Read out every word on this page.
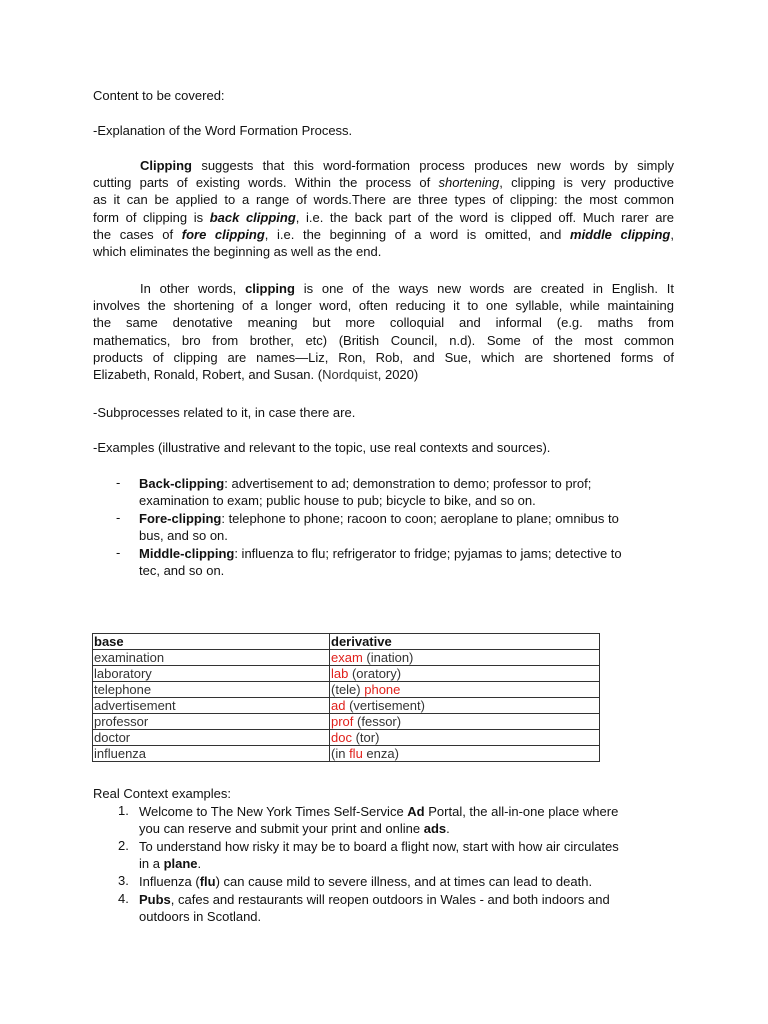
Content to be covered:
-Explanation of the Word Formation Process.
Clipping suggests that this word-formation process produces new words by simply
cutting parts of existing words. Within the process of shortening, clipping is very productive
as it can be applied to a range of words.There are three types of clipping: the most common
form of clipping is back clipping, i.e. the back part of the word is clipped off. Much rarer are
the cases of fore clipping, i.e. the beginning of a word is omitted, and middle clipping,
which eliminates the beginning as well as the end.
In other words, clipping is one of the ways new words are created in English. It
involves the shortening of a longer word, often reducing it to one syllable, while maintaining
the same denotative meaning but more colloquial and informal (e.g. maths from
mathematics, bro from brother, etc) (British Council, n.d). Some of the most common
products of clipping are names—Liz, Ron, Rob, and Sue, which are shortened forms of
Elizabeth, Ronald, Robert, and Susan. (Nordquist, 2020)
-Subprocesses related to it, in case there are.
-Examples (illustrative and relevant to the topic, use real contexts and sources).
- Back-clipping: advertisement to ad; demonstration to demo; professor to prof;
examination to exam; public house to pub; bicycle to bike, and so on.
- Fore-clipping: telephone to phone; racoon to coon; aeroplane to plane; omnibus to
bus, and so on.
- Middle-clipping: influenza to flu; refrigerator to fridge; pyjamas to jams; detective to
tec, and so on.
base	derivative
examination	exam (ination)
laboratory	lab (oratory)
telephone	(tele) phone
advertisement	ad (vertisement)
professor	prof (fessor)
doctor	doc (tor)
influenza	(in flu enza)
Real Context examples:
1. Welcome to The New York Times Self-Service Ad Portal, the all-in-one place where
you can reserve and submit your print and online ads.
2. To understand how risky it may be to board a flight now, start with how air circulates
in a plane.
3. Influenza (flu) can cause mild to severe illness, and at times can lead to death.
4. Pubs, cafes and restaurants will reopen outdoors in Wales - and both indoors and
outdoors in Scotland.
